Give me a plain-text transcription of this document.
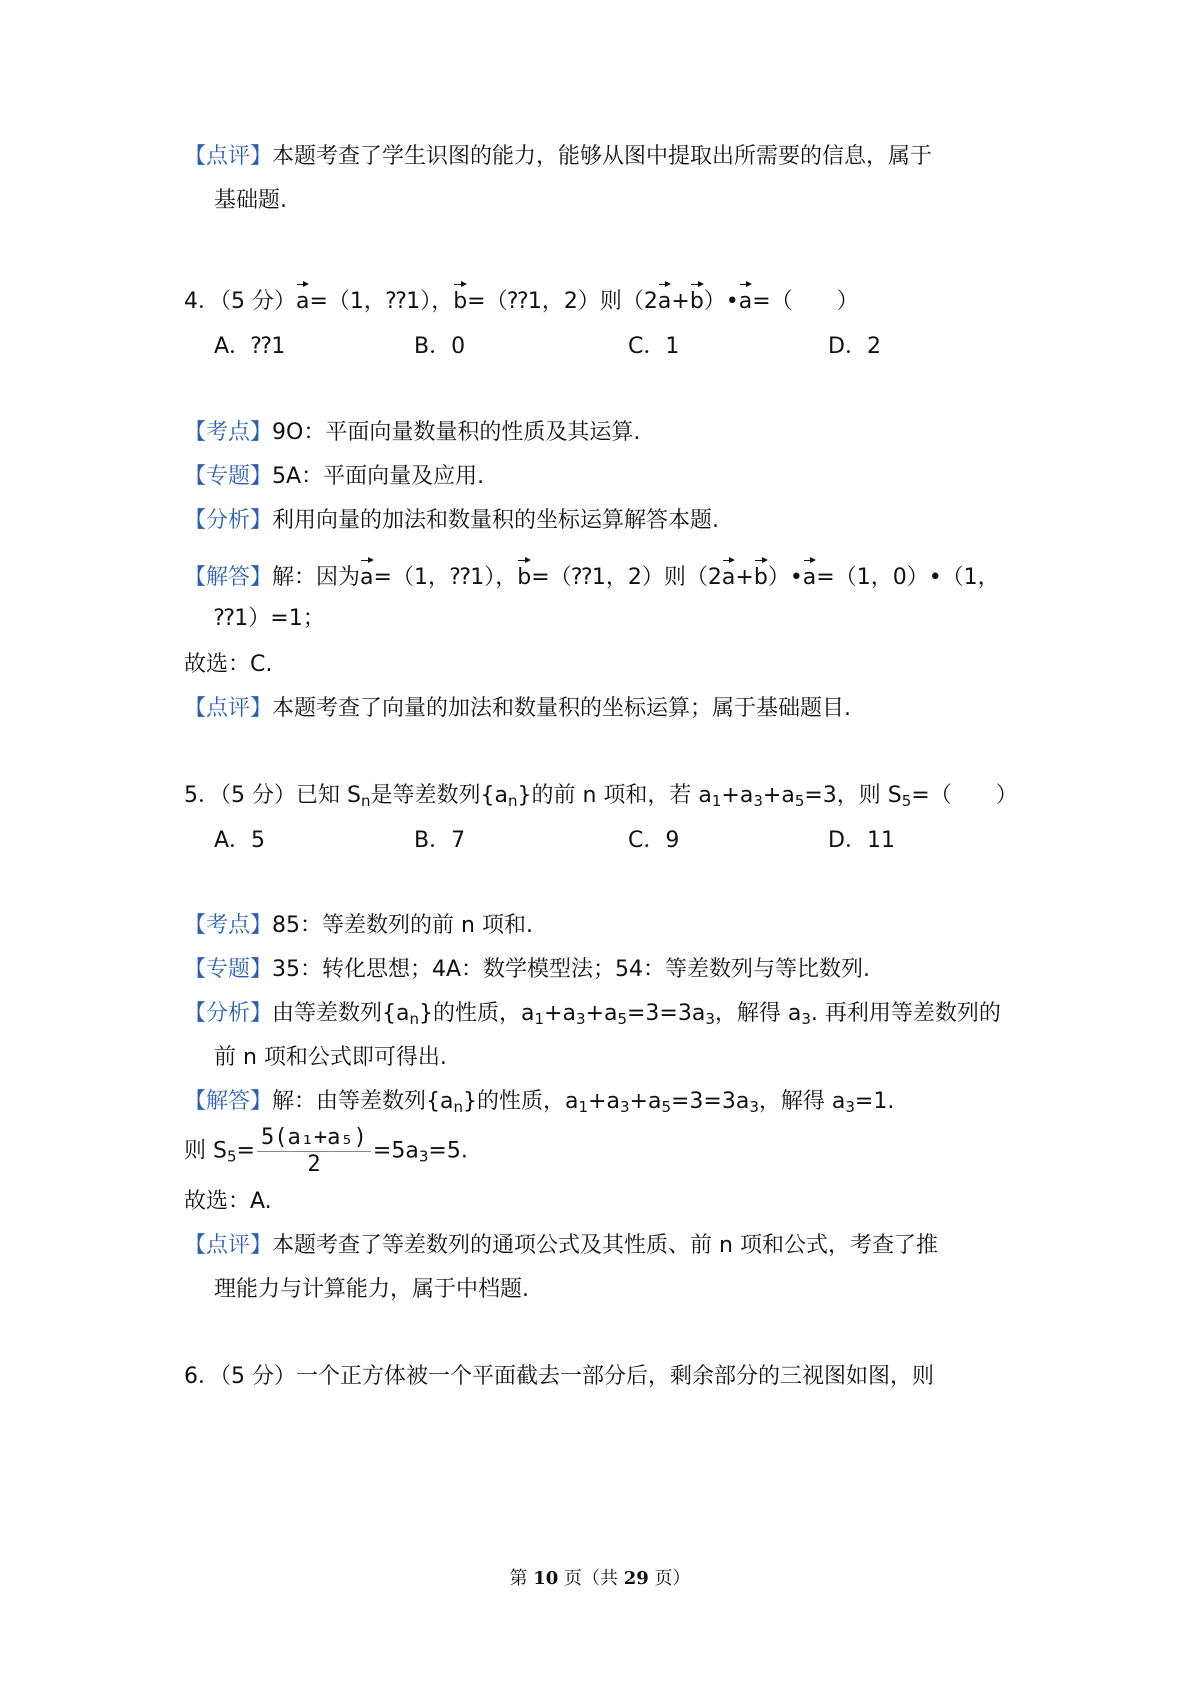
【点评】本题考查了学生识图的能力，能够从图中提取出所需要的信息，属于
基础题.
4．（5 分）a=（1，⁇1），b=（⁇1，2）则（2a+b）•a=（　　）
A．⁇1	B．0	C．1	D．2
【考点】9O：平面向量数量积的性质及其运算.
【专题】5A：平面向量及应用.
【分析】利用向量的加法和数量积的坐标运算解答本题.
【解答】解：因为a=（1，⁇1），b=（⁇1，2）则（2a+b）•a=（1，0）•（1，
⁇1）=1；
故选：C.
【点评】本题考查了向量的加法和数量积的坐标运算；属于基础题目.
5．（5 分）已知 $S_n$是等差数列$\{a_n\}$的前 n 项和，若 $a_1+a_3+a_5=3$，则 $S_5=$（　　）
A．5	B．7	C．9	D．11
【考点】85：等差数列的前 n 项和.
【专题】35：转化思想；4A：数学模型法；54：等差数列与等比数列.
【分析】由等差数列$\{a_n\}$的性质，$a_1+a_3+a_5=3=3a_3$，解得 $a_3$. 再利用等差数列的
前 n 项和公式即可得出.
【解答】解：由等差数列$\{a_n\}$的性质，$a_1+a_3+a_5=3=3a_3$，解得 $a_3=1$.
则 $S_5= \frac{\text{5(a₁+a₅)}}{2} =5a_3=5$.
故选：A.
【点评】本题考查了等差数列的通项公式及其性质、前 n 项和公式，考查了推
理能力与计算能力，属于中档题.
6．（5 分）一个正方体被一个平面截去一部分后，剩余部分的三视图如图，则
第 10 页（共 29 页）
